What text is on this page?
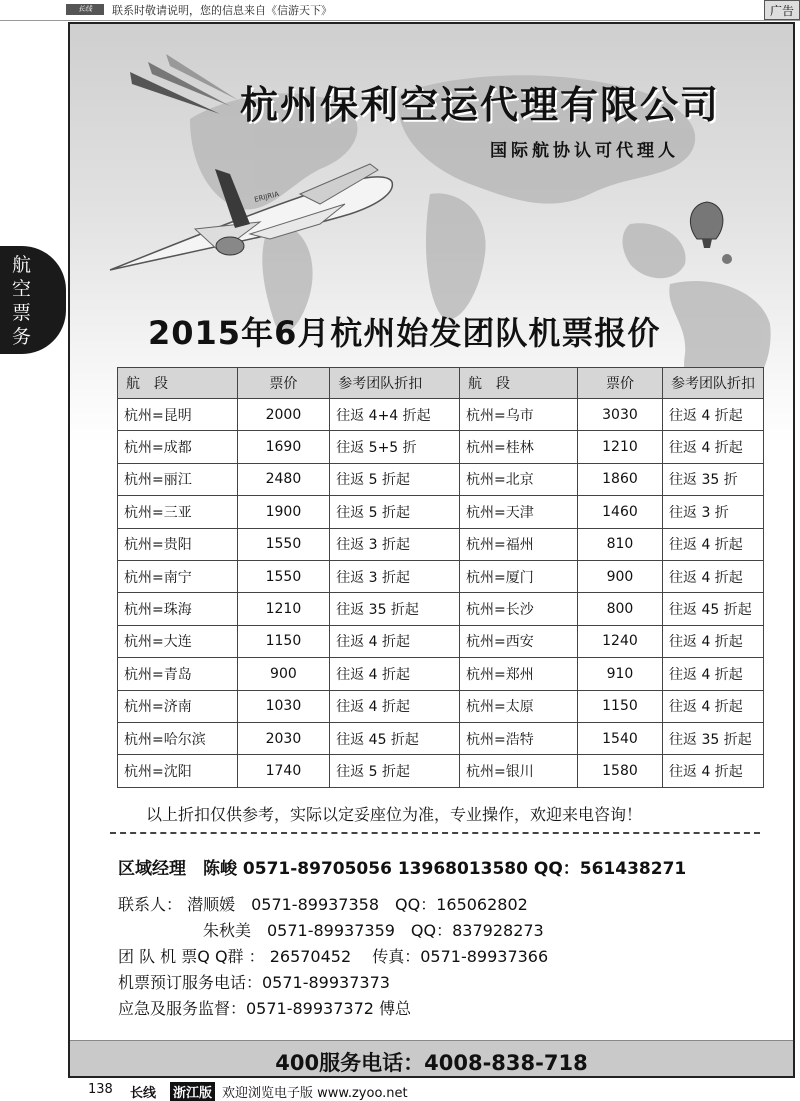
长线	联系时敬请说明，您的信息来自《信游天下》	广告
航
空
票
务
ERIJRIA
杭州保利空运代理有限公司
国际航协认可代理人
2015年6月杭州始发团队机票报价
航　段	票价	参考团队折扣	航　段	票价	参考团队折扣
杭州=昆明	2000	往返 4+4 折起	杭州=乌市	3030	往返 4 折起
杭州=成都	1690	往返 5+5 折	杭州=桂林	1210	往返 4 折起
杭州=丽江	2480	往返 5 折起	杭州=北京	1860	往返 35 折
杭州=三亚	1900	往返 5 折起	杭州=天津	1460	往返 3 折
杭州=贵阳	1550	往返 3 折起	杭州=福州	810	往返 4 折起
杭州=南宁	1550	往返 3 折起	杭州=厦门	900	往返 4 折起
杭州=珠海	1210	往返 35 折起	杭州=长沙	800	往返 45 折起
杭州=大连	1150	往返 4 折起	杭州=西安	1240	往返 4 折起
杭州=青岛	900	往返 4 折起	杭州=郑州	910	往返 4 折起
杭州=济南	1030	往返 4 折起	杭州=太原	1150	往返 4 折起
杭州=哈尔滨	2030	往返 45 折起	杭州=浩特	1540	往返 35 折起
杭州=沈阳	1740	往返 5 折起	杭州=银川	1580	往返 4 折起
以上折扣仅供参考，实际以定妥座位为准，专业操作，欢迎来电咨询！
区域经理　陈峻 0571-89705056 13968013580 QQ：561438271
联系人： 潜顺媛　0571-89937358　QQ：165062802
朱秋美　0571-89937359　QQ：837928273
团 队 机 票Q Q群 ： 26570452　 传真：0571-89937366
机票预订服务电话：0571-89937373
应急及服务监督：0571-89937372 傅总
400服务电话：4008-838-718
138 长线 浙江版 欢迎浏览电子版 www.zyoo.net
